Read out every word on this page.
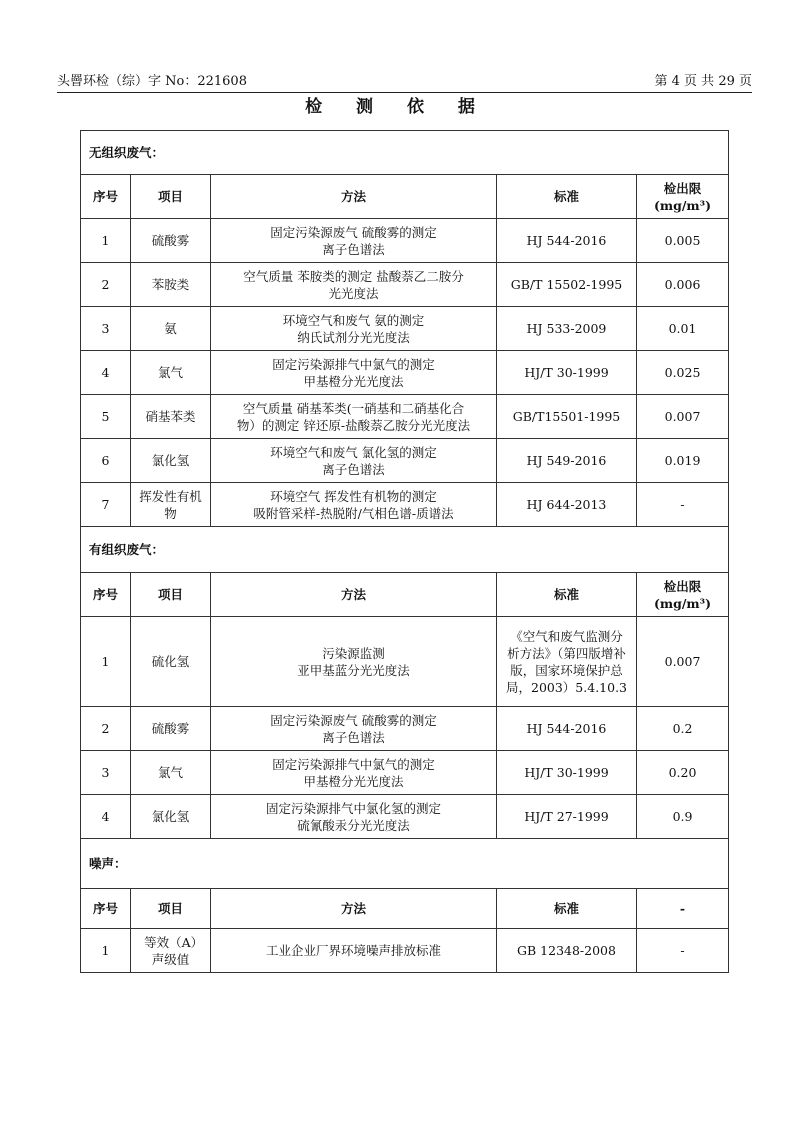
头罾环检（综）字 No：221608	第 4 页 共 29 页
检 测 依 据
无组织废气：				
序号	项目	方法	标准	检出限
(mg/m³)

1	硫酸雾	固定污染源废气 硫酸雾的测定
离子色谱法	HJ 544-2016	0.005
2	苯胺类	空气质量 苯胺类的测定 盐酸萘乙二胺分
光光度法	GB/T 15502-1995	0.006
3	氨	环境空气和废气 氨的测定
纳氏试剂分光光度法	HJ 533-2009	0.01
4	氯气	固定污染源排气中氯气的测定
甲基橙分光光度法	HJ/T 30-1999	0.025
5	硝基苯类	空气质量 硝基苯类(一硝基和二硝基化合
物）的测定 锌还原-盐酸萘乙胺分光光度法	GB/T15501-1995	0.007
6	氯化氢	环境空气和废气 氯化氢的测定
离子色谱法	HJ 549-2016	0.019
7	挥发性有机物	环境空气 挥发性有机物的测定
吸附管采样-热脱附/气相色谱-质谱法	HJ 644-2013	-
有组织废气：				
序号	项目	方法	标准	检出限
(mg/m³)

1	硫化氢	污染源监测
亚甲基蓝分光光度法	《空气和废气监测分析方法》（第四版增补版，国家环境保护总局，2003）5.4.10.3	0.007
2	硫酸雾	固定污染源废气 硫酸雾的测定
离子色谱法	HJ 544-2016	0.2
3	氯气	固定污染源排气中氯气的测定
甲基橙分光光度法	HJ/T 30-1999	0.20
4	氯化氢	固定污染源排气中氯化氢的测定
硫氰酸汞分光光度法	HJ/T 27-1999	0.9
噪声：				
序号	项目	方法	标准	-
1	等效（A）声级值	工业企业厂界环境噪声排放标准	GB 12348-2008	-
